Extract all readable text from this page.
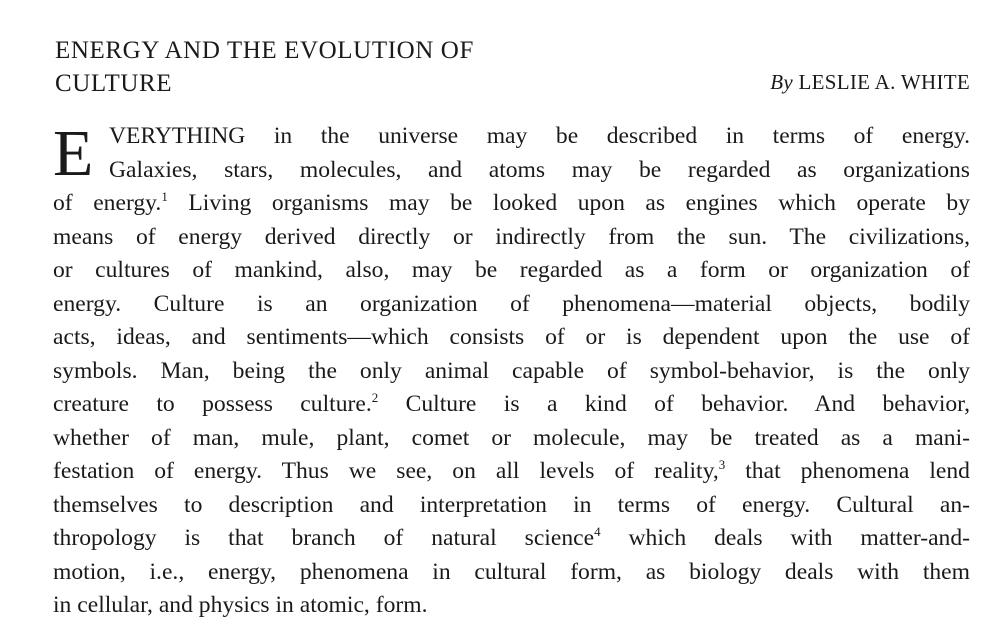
ENERGY AND THE EVOLUTION OF
CULTURE	By LESLIE A. WHITE
E VERYTHING in the universe may be described in terms of energy.
Galaxies, stars, molecules, and atoms may be regarded as organizations
of energy.$^1$ Living organisms may be looked upon as engines which operate by
means of energy derived directly or indirectly from the sun. The civilizations,
or cultures of mankind, also, may be regarded as a form or organization of
energy. Culture is an organization of phenomena—material objects, bodily
acts, ideas, and sentiments—which consists of or is dependent upon the use of
symbols. Man, being the only animal capable of symbol-behavior, is the only
creature to possess culture.$^2$ Culture is a kind of behavior. And behavior,
whether of man, mule, plant, comet or molecule, may be treated as a mani-
festation of energy. Thus we see, on all levels of reality,$^3$ that phenomena lend
themselves to description and interpretation in terms of energy. Cultural an-
thropology is that branch of natural science$^4$ which deals with matter-and-
motion, i.e., energy, phenomena in cultural form, as biology deals with them
in cellular, and physics in atomic, form.
